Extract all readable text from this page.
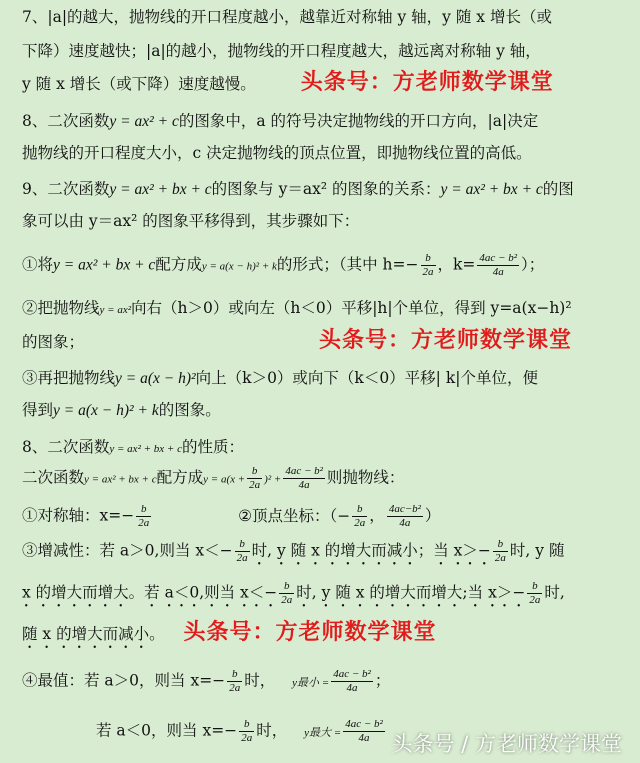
7、|a|的越大，抛物线的开口程度越小，越靠近对称轴 y 轴，y 随 x 增长（或
下降）速度越快；|a|的越小，抛物线的开口程度越大，越远离对称轴 y 轴，
y 随 x 增长（或下降）速度越慢。 头条号：方老师数学课堂
8、二次函数y = ax² + c的图象中，a 的符号决定抛物线的开口方向，|a|决定
抛物线的开口程度大小，c 决定抛物线的顶点位置，即抛物线位置的高低。
9、二次函数y = ax² + bx + c的图象与 y＝ax² 的图象的关系：y = ax² + bx + c的图
象可以由 y＝ax² 的图象平移得到，其步骤如下：
①将y = ax² + bx + c配方成y = a(x − h)² + k的形式；（其中 $h=- \frac{b}{2a}$ ，$k= \frac{\text{4ac − b²}}{4a}$ ）；
②把抛物线y = ax²向右（h＞0）或向左（h＜0）平移|h|个单位，得到 y=a(x−h)²
的图象；	头条号：方老师数学课堂
③再把抛物线y = a(x − h)²向上（k＞0）或向下（k＜0）平移| k|个单位，便
得到y = a(x − h)² + k的图象。
8、二次函数y = ax² + bx + c的性质：
二次函数y = ax² + bx + c配方成$y = a(x + \frac{b}{2a} )^2 + \frac{\text{4ac − b²}}{4a}$ 则抛物线：
①对称轴：$x=- \frac{b}{2a}$	②顶点坐标：（− $\frac{b}{2a}$ ， $\frac{\text{4ac−b²}}{4a}$ ）
③增减性：若 a＞0,则当 $x<- \frac{b}{2a}$ 时, y 随 x 的增大而减小；当 $x>- \frac{b}{2a}$ 时, y 随
x 的增大而增大。若 a＜0,则当 $x<- \frac{b}{2a}$ 时, y 随 x 的增大而增大;当 $x>- \frac{b}{2a}$ 时,
随 x 的增大而减小。 头条号：方老师数学课堂
④最值：若 a＞0，则当 $x=- \frac{b}{2a}$ 时， y最小 = $\frac{\text{4ac − b²}}{4a}$ ；
若 a＜0，则当 $x=- \frac{b}{2a}$ 时， y最大 = $\frac{\text{4ac − b²}}{4a}$ 头条号 / 方老师数学课堂
